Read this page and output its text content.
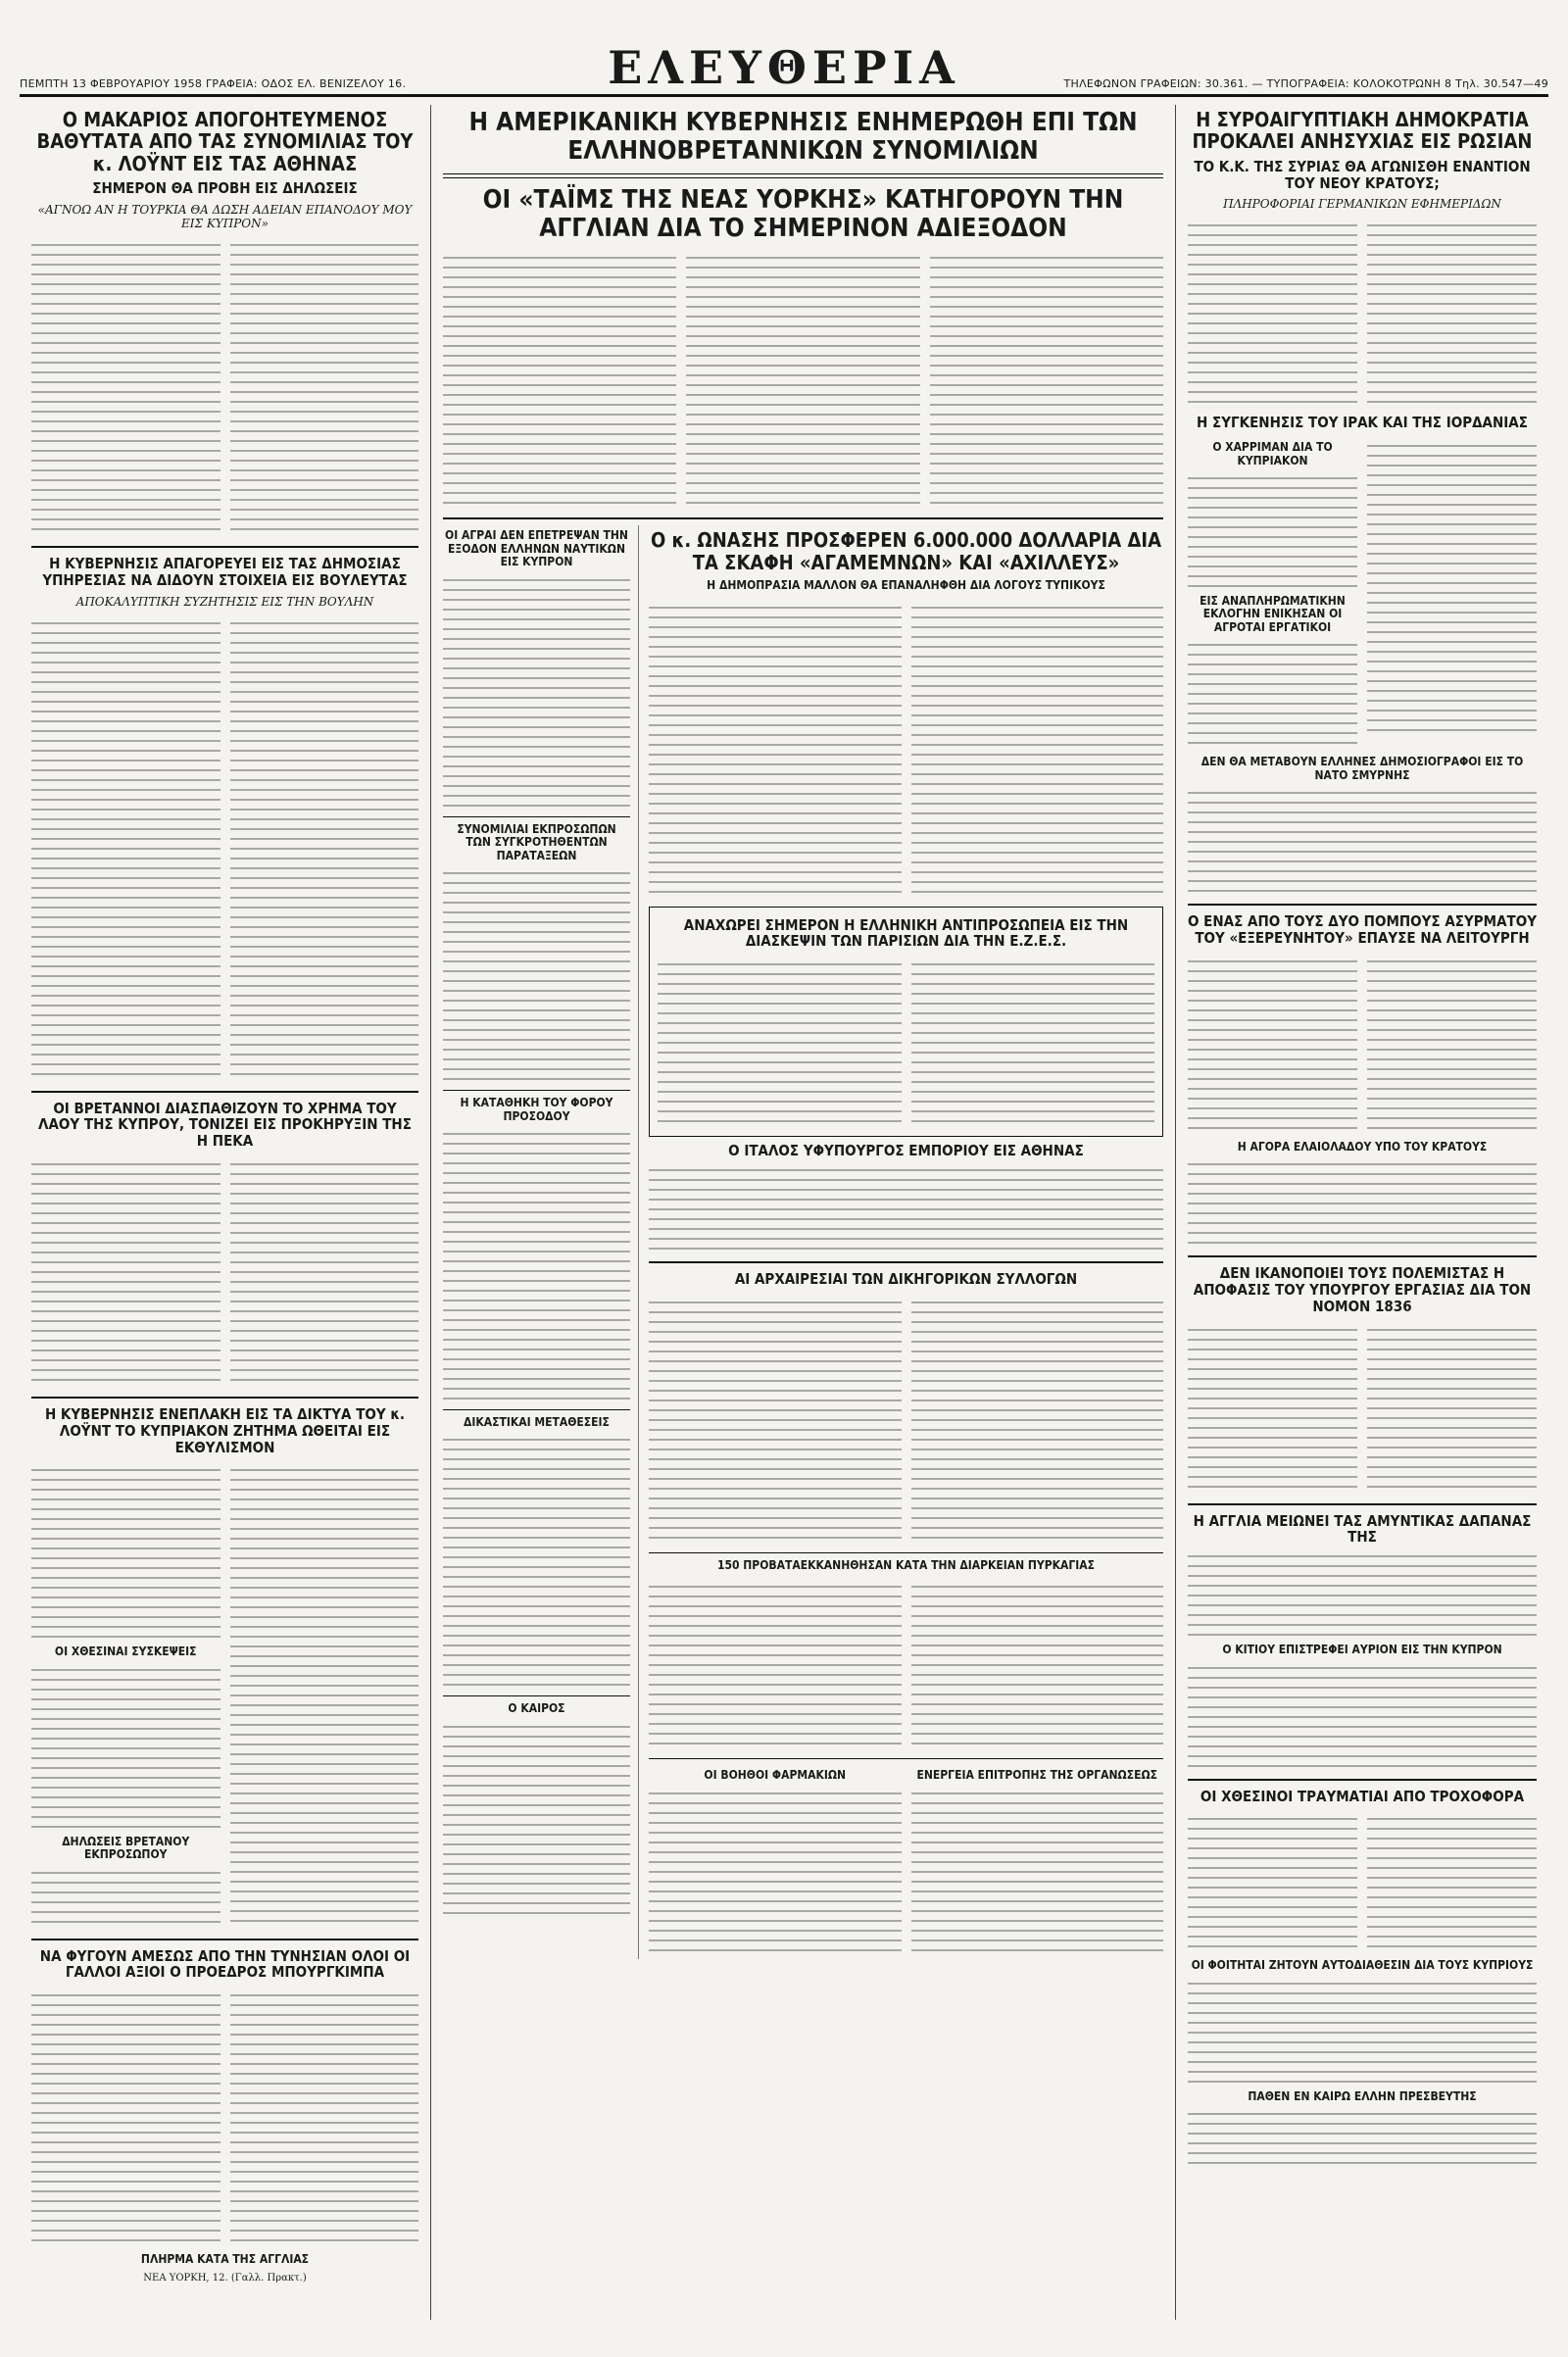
ΠΕΜΠΤΗ 13 ΦΕΒΡΟΥΑΡΙΟΥ 1958 ΓΡΑΦΕΙΑ: ΟΔΟΣ ΕΛ. ΒΕΝΙΖΕΛΟΥ 16.	ΕΛΕΥΘΕΡΙΑ	ΤΗΛΕΦΩΝΟΝ ΓΡΑΦΕΙΩΝ: 30.361. — ΤΥΠΟΓΡΑΦΕΙΑ: ΚΟΛΟΚΟΤΡΩΝΗ 8 Τηλ. 30.547—49
Ο ΜΑΚΑΡΙΟΣ ΑΠΟΓΟΗΤΕΥΜΕΝΟΣ ΒΑΘΥΤΑΤΑ ΑΠΟ ΤΑΣ ΣΥΝΟΜΙΛΙΑΣ ΤΟΥ κ. ΛΟΫΝΤ ΕΙΣ ΤΑΣ ΑΘΗΝΑΣ
ΣΗΜΕΡΟΝ ΘΑ ΠΡΟΒΗ ΕΙΣ ΔΗΛΩΣΕΙΣ
«ΑΓΝΟΩ ΑΝ Η ΤΟΥΡΚΙΑ ΘΑ ΔΩΣΗ ΑΔΕΙΑΝ ΕΠΑΝΟΔΟΥ ΜΟΥ ΕΙΣ ΚΥΠΡΟΝ»
Η ΚΥΒΕΡΝΗΣΙΣ ΑΠΑΓΟΡΕΥΕΙ ΕΙΣ ΤΑΣ ΔΗΜΟΣΙΑΣ ΥΠΗΡΕΣΙΑΣ ΝΑ ΔΙΔΟΥΝ ΣΤΟΙΧΕΙΑ ΕΙΣ ΒΟΥΛΕΥΤΑΣ
ΑΠΟΚΑΛΥΠΤΙΚΗ ΣΥΖΗΤΗΣΙΣ ΕΙΣ ΤΗΝ ΒΟΥΛΗΝ
ΟΙ ΒΡΕΤΑΝΝΟΙ ΔΙΑΣΠΑΘΙΖΟΥΝ ΤΟ ΧΡΗΜΑ ΤΟΥ ΛΑΟΥ ΤΗΣ ΚΥΠΡΟΥ, ΤΟΝΙΖΕΙ ΕΙΣ ΠΡΟΚΗΡΥΞΙΝ ΤΗΣ Η ΠΕΚΑ
Η ΚΥΒΕΡΝΗΣΙΣ ΕΝΕΠΛΑΚΗ ΕΙΣ ΤΑ ΔΙΚΤΥΑ ΤΟΥ κ. ΛΟΫΝΤ ΤΟ ΚΥΠΡΙΑΚΟΝ ΖΗΤΗΜΑ ΩΘΕΙΤΑΙ ΕΙΣ ΕΚΘΥΛΙΣΜΟΝ
ΟΙ ΧΘΕΣΙΝΑΙ ΣΥΣΚΕΨΕΙΣ
ΔΗΛΩΣΕΙΣ ΒΡΕΤΑΝΟΥ ΕΚΠΡΟΣΩΠΟΥ
ΝΑ ΦΥΓΟΥΝ ΑΜΕΣΩΣ ΑΠΟ ΤΗΝ ΤΥΝΗΣΙΑΝ ΟΛΟΙ ΟΙ ΓΑΛΛΟΙ ΑΞΙΟΙ Ο ΠΡΟΕΔΡΟΣ ΜΠΟΥΡΓΚΙΜΠΑ
ΠΛΗΡΜΑ ΚΑΤΑ ΤΗΣ ΑΓΓΛΙΑΣ
ΝΕΑ ΥΟΡΚΗ, 12. (Γαλλ. Πρακτ.)
Η ΑΜΕΡΙΚΑΝΙΚΗ ΚΥΒΕΡΝΗΣΙΣ ΕΝΗΜΕΡΩΘΗ ΕΠΙ ΤΩΝ ΕΛΛΗΝΟΒΡΕΤΑΝΝΙΚΩΝ ΣΥΝΟΜΙΛΙΩΝ
ΟΙ «ΤΑΪΜΣ ΤΗΣ ΝΕΑΣ ΥΟΡΚΗΣ» ΚΑΤΗΓΟΡΟΥΝ ΤΗΝ ΑΓΓΛΙΑΝ ΔΙΑ ΤΟ ΣΗΜΕΡΙΝΟΝ ΑΔΙΕΞΟΔΟΝ
ΟΙ ΑΓΡΑΙ ΔΕΝ ΕΠΕΤΡΕΨΑΝ ΤΗΝ ΕΞΟΔΟΝ ΕΛΛΗΝΩΝ ΝΑΥΤΙΚΩΝ ΕΙΣ ΚΥΠΡΟΝ
ΣΥΝΟΜΙΛΙΑΙ ΕΚΠΡΟΣΩΠΩΝ ΤΩΝ ΣΥΓΚΡΟΤΗΘΕΝΤΩΝ ΠΑΡΑΤΑΞΕΩΝ
Η ΚΑΤΑΘΗΚΗ ΤΟΥ ΦΟΡΟΥ ΠΡΟΣΟΔΟΥ
ΔΙΚΑΣΤΙΚΑΙ ΜΕΤΑΘΕΣΕΙΣ
Ο ΚΑΙΡΟΣ
Ο κ. ΩΝΑΣΗΣ ΠΡΟΣΦΕΡΕΝ 6.000.000 ΔΟΛΛΑΡΙΑ ΔΙΑ ΤΑ ΣΚΑΦΗ «ΑΓΑΜΕΜΝΩΝ» ΚΑΙ «ΑΧΙΛΛΕΥΣ»
Η ΔΗΜΟΠΡΑΣΙΑ ΜΑΛΛΟΝ ΘΑ ΕΠΑΝΑΛΗΦΘΗ ΔΙΑ ΛΟΓΟΥΣ ΤΥΠΙΚΟΥΣ
ΑΝΑΧΩΡΕΙ ΣΗΜΕΡΟΝ Η ΕΛΛΗΝΙΚΗ ΑΝΤΙΠΡΟΣΩΠΕΙΑ ΕΙΣ ΤΗΝ ΔΙΑΣΚΕΨΙΝ ΤΩΝ ΠΑΡΙΣΙΩΝ ΔΙΑ ΤΗΝ Ε.Ζ.Ε.Σ.
Ο ΙΤΑΛΟΣ ΥΦΥΠΟΥΡΓΟΣ ΕΜΠΟΡΙΟΥ ΕΙΣ ΑΘΗΝΑΣ
ΑΙ ΑΡΧΑΙΡΕΣΙΑΙ ΤΩΝ ΔΙΚΗΓΟΡΙΚΩΝ ΣΥΛΛΟΓΩΝ
150 ΠΡΟΒΑΤΑΕΚΚΑΝΗΘΗΣΑΝ ΚΑΤΑ ΤΗΝ ΔΙΑΡΚΕΙΑΝ ΠΥΡΚΑΓΙΑΣ
ΟΙ ΒΟΗΘΟΙ ΦΑΡΜΑΚΙΩΝ	ΕΝΕΡΓΕΙΑ ΕΠΙΤΡΟΠΗΣ ΤΗΣ ΟΡΓΑΝΩΣΕΩΣ
Η ΣΥΡΟΑΙΓΥΠΤΙΑΚΗ ΔΗΜΟΚΡΑΤΙΑ ΠΡΟΚΑΛΕΙ ΑΝΗΣΥΧΙΑΣ ΕΙΣ ΡΩΣΙΑΝ
ΤΟ Κ.Κ. ΤΗΣ ΣΥΡΙΑΣ ΘΑ ΑΓΩΝΙΣΘΗ ΕΝΑΝΤΙΟΝ ΤΟΥ ΝΕΟΥ ΚΡΑΤΟΥΣ;
ΠΛΗΡΟΦΟΡΙΑΙ ΓΕΡΜΑΝΙΚΩΝ ΕΦΗΜΕΡΙΔΩΝ
Η ΣΥΓΚΕΝΗΣΙΣ ΤΟΥ ΙΡΑΚ ΚΑΙ ΤΗΣ ΙΟΡΔΑΝΙΑΣ
Ο ΧΑΡΡΙΜΑΝ ΔΙΑ ΤΟ ΚΥΠΡΙΑΚΟΝ
ΕΙΣ ΑΝΑΠΛΗΡΩΜΑΤΙΚΗΝ ΕΚΛΟΓΗΝ ΕΝΙΚΗΣΑΝ ΟΙ ΑΓΡΟΤΑΙ ΕΡΓΑΤΙΚΟΙ
ΔΕΝ ΘΑ ΜΕΤΑΒΟΥΝ ΕΛΛΗΝΕΣ ΔΗΜΟΣΙΟΓΡΑΦΟΙ ΕΙΣ ΤΟ ΝΑΤΟ ΣΜΥΡΝΗΣ
Ο ΕΝΑΣ ΑΠΟ ΤΟΥΣ ΔΥΟ ΠΟΜΠΟΥΣ ΑΣΥΡΜΑΤΟΥ ΤΟΥ «ΕΞΕΡΕΥΝΗΤΟΥ» ΕΠΑΥΣΕ ΝΑ ΛΕΙΤΟΥΡΓΗ
Η ΑΓΟΡΑ ΕΛΑΙΟΛΑΔΟΥ ΥΠΟ ΤΟΥ ΚΡΑΤΟΥΣ
ΔΕΝ ΙΚΑΝΟΠΟΙΕΙ ΤΟΥΣ ΠΟΛΕΜΙΣΤΑΣ Η ΑΠΟΦΑΣΙΣ ΤΟΥ ΥΠΟΥΡΓΟΥ ΕΡΓΑΣΙΑΣ ΔΙΑ ΤΟΝ ΝΟΜΟΝ 1836
Η ΑΓΓΛΙΑ ΜΕΙΩΝΕΙ ΤΑΣ ΑΜΥΝΤΙΚΑΣ ΔΑΠΑΝΑΣ ΤΗΣ
Ο ΚΙΤΙΟΥ ΕΠΙΣΤΡΕΦΕΙ ΑΥΡΙΟΝ ΕΙΣ ΤΗΝ ΚΥΠΡΟΝ
ΟΙ ΧΘΕΣΙΝΟΙ ΤΡΑΥΜΑΤΙΑΙ ΑΠΟ ΤΡΟΧΟΦΟΡΑ
ΟΙ ΦΟΙΤΗΤΑΙ ΖΗΤΟΥΝ ΑΥΤΟΔΙΑΘΕΣΙΝ ΔΙΑ ΤΟΥΣ ΚΥΠΡΙΟΥΣ
ΠΑΘΕΝ ΕΝ ΚΑΙΡΩ ΕΛΛΗΝ ΠΡΕΣΒΕΥΤΗΣ
